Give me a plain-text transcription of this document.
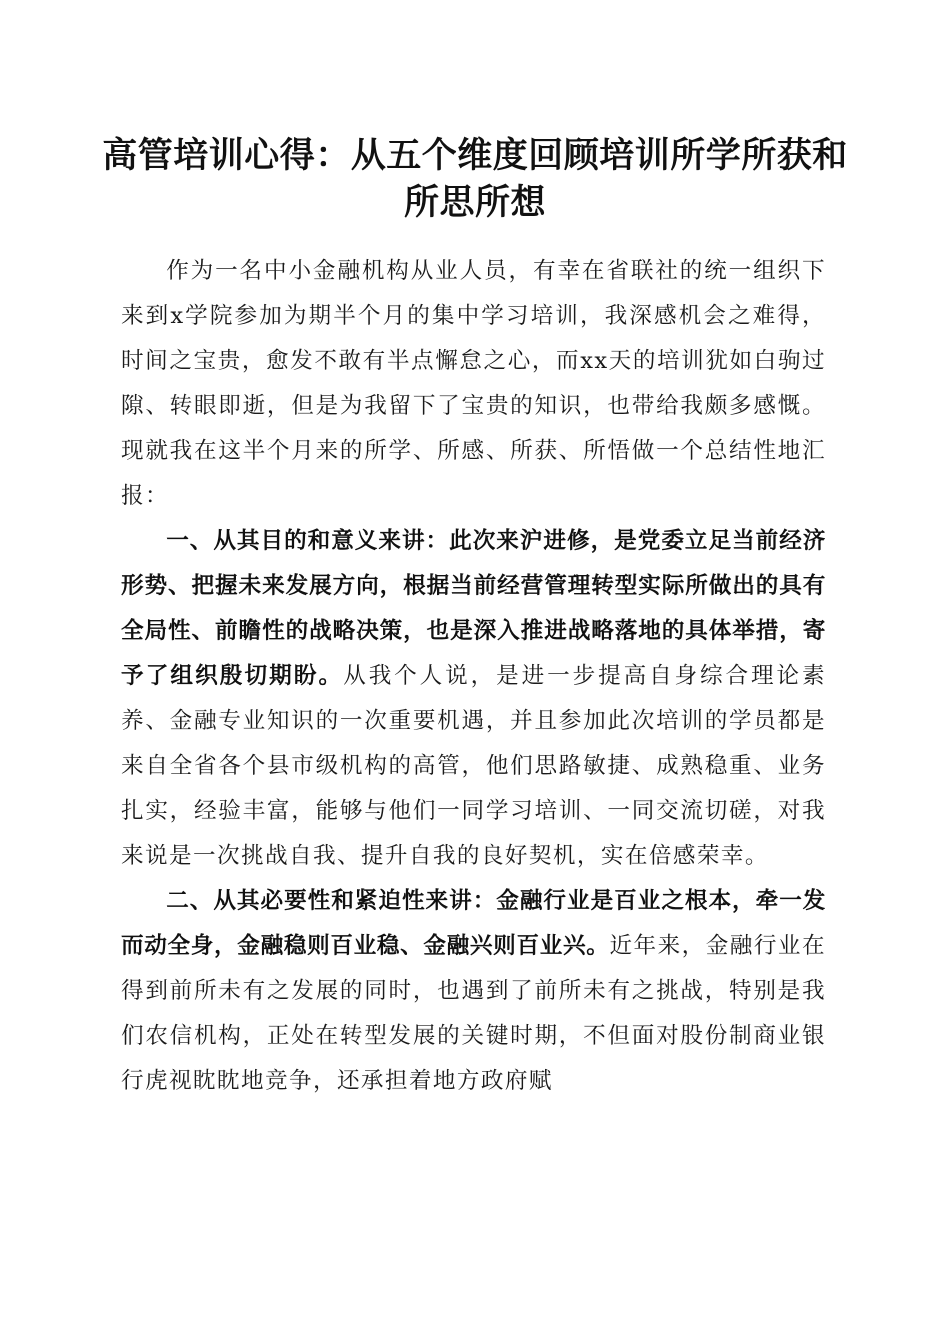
高管培训心得：从五个维度回顾培训所学所获和所思所想

作为一名中小金融机构从业人员，有幸在省联社的统一组织下来到x学院参加为期半个月的集中学习培训，我深感机会之难得，时间之宝贵，愈发不敢有半点懈怠之心，而xx天的培训犹如白驹过隙、转眼即逝，但是为我留下了宝贵的知识，也带给我颇多感慨。现就我在这半个月来的所学、所感、所获、所悟做一个总结性地汇报：

一、从其目的和意义来讲：此次来沪进修，是党委立足当前经济形势、把握未来发展方向，根据当前经营管理转型实际所做出的具有全局性、前瞻性的战略决策，也是深入推进战略落地的具体举措，寄予了组织殷切期盼。从我个人说，是进一步提高自身综合理论素养、金融专业知识的一次重要机遇，并且参加此次培训的学员都是来自全省各个县市级机构的高管，他们思路敏捷、成熟稳重、业务扎实，经验丰富，能够与他们一同学习培训、一同交流切磋，对我来说是一次挑战自我、提升自我的良好契机，实在倍感荣幸。

二、从其必要性和紧迫性来讲：金融行业是百业之根本，牵一发而动全身，金融稳则百业稳、金融兴则百业兴。近年来，金融行业在得到前所未有之发展的同时，也遇到了前所未有之挑战，特别是我们农信机构，正处在转型发展的关键时期，不但面对股份制商业银行虎视眈眈地竞争，还承担着地方政府赋
